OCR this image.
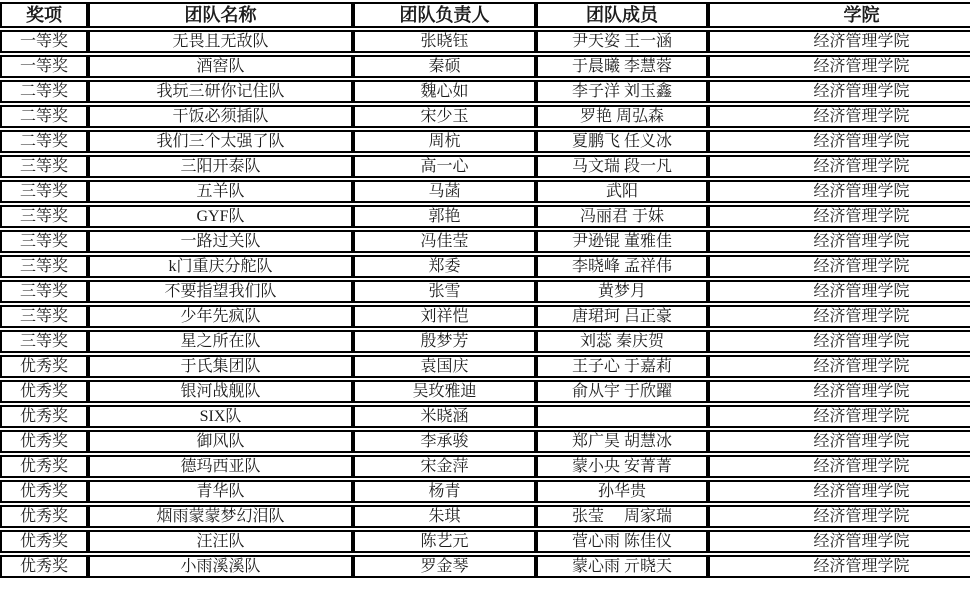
奖项	团队名称	团队负责人	团队成员	学院
一等奖	无畏且无敌队	张晓钰	尹天姿 王一涵	经济管理学院
一等奖	酒窖队	秦硕	于晨曦 李慧蓉	经济管理学院
二等奖	我玩三研你记住队	魏心如	李子洋 刘玉鑫	经济管理学院
二等奖	干饭必须插队	宋少玉	罗艳 周弘森	经济管理学院
二等奖	我们三个太强了队	周杭	夏鹏飞 任义冰	经济管理学院
三等奖	三阳开泰队	高一心	马文瑞 段一凡	经济管理学院
三等奖	五羊队	马菡	武阳	经济管理学院
三等奖	GYF队	郭艳	冯丽君 于妹	经济管理学院
三等奖	一路过关队	冯佳莹	尹逊锟 董雅佳	经济管理学院
三等奖	k门重庆分舵队	郑委	李晓峰 孟祥伟	经济管理学院
三等奖	不要指望我们队	张雪	黄梦月	经济管理学院
三等奖	少年先疯队	刘祥恺	唐珺珂 吕正豪	经济管理学院
三等奖	星之所在队	殷梦芳	刘蕊 秦庆贺	经济管理学院
优秀奖	于氏集团队	袁国庆	王子心 于嘉莉	经济管理学院
优秀奖	银河战舰队	吴玫雅迪	俞从宇 于欣躍	经济管理学院
优秀奖	SIX队	米晓涵		经济管理学院
优秀奖	御风队	李承骏	郑广昊 胡慧冰	经济管理学院
优秀奖	德玛西亚队	宋金萍	蒙小央 安菁菁	经济管理学院
优秀奖	青华队	杨青	孙华贵	经济管理学院
优秀奖	烟雨蒙蒙梦幻泪队	朱琪	张莹　 周家瑞	经济管理学院
优秀奖	汪汪队	陈艺元	菅心雨 陈佳仪	经济管理学院
优秀奖	小雨溪溪队	罗金琴	蒙心雨 亓晓天	经济管理学院
